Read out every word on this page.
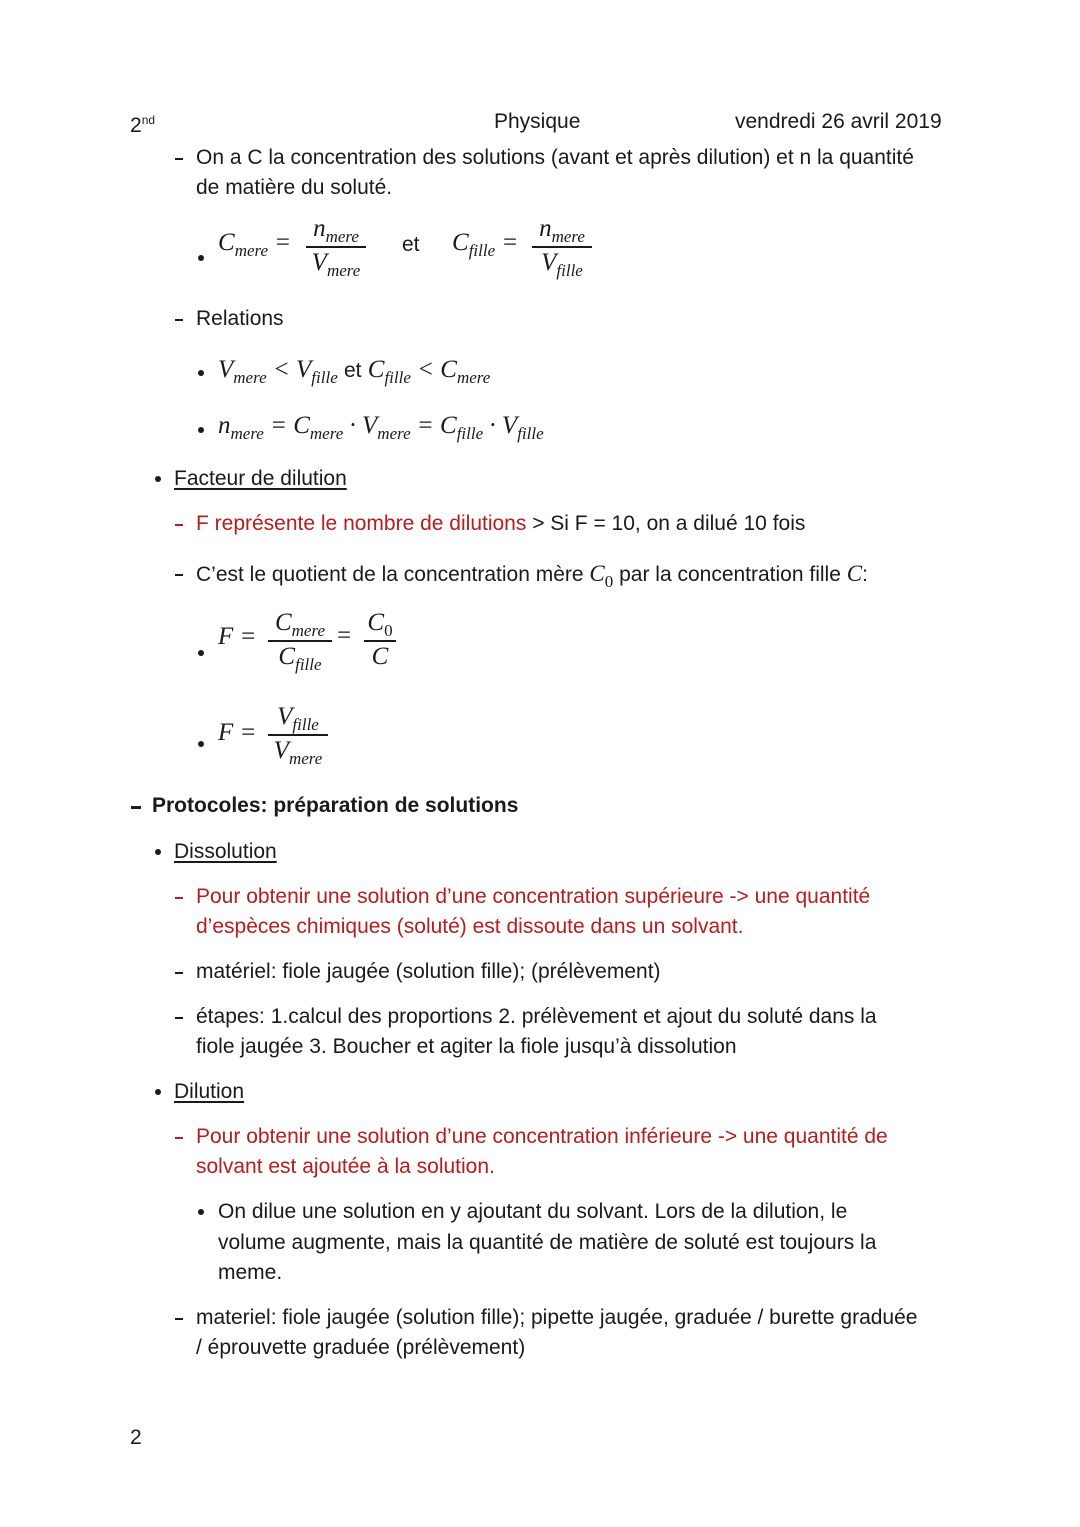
2nd	Physique	vendredi 26 avril 2019
On a C la concentration des solutions (avant et après dilution) et n la quantité
de matière du soluté.
$C_{mere}$ =
$n_{mere}$
$V_{mere}$
et $C_{fille}$ =
$n_{mere}$
$V_{fille}$
Relations
$V_{mere} < V_{fille}$ et $C_{fille} < C_{mere}$
$n_{mere} = C_{mere} \cdot V_{mere} = C_{fille} \cdot V_{fille}$
Facteur de dilution
F représente le nombre de dilutions > Si F = 10, on a dilué 10 fois
C’est le quotient de la concentration mère $C_0$ par la concentration fille C:
F =
$C_{mere}$
$C_{fille}$
= $C_0$
C
F =
$V_{fille}$
$V_{mere}$
Protocoles: préparation de solutions
Dissolution
Pour obtenir une solution d’une concentration supérieure -> une quantité
d’espèces chimiques (soluté) est dissoute dans un solvant.
matériel: fiole jaugée (solution fille); (prélèvement)
étapes: 1.calcul des proportions 2. prélèvement et ajout du soluté dans la
fiole jaugée 3. Boucher et agiter la fiole jusqu’à dissolution
Dilution
Pour obtenir une solution d’une concentration inférieure -> une quantité de
solvant est ajoutée à la solution.
On dilue une solution en y ajoutant du solvant. Lors de la dilution, le
volume augmente, mais la quantité de matière de soluté est toujours la
meme.
materiel: fiole jaugée (solution fille); pipette jaugée, graduée / burette graduée
/ éprouvette graduée (prélèvement)
2
